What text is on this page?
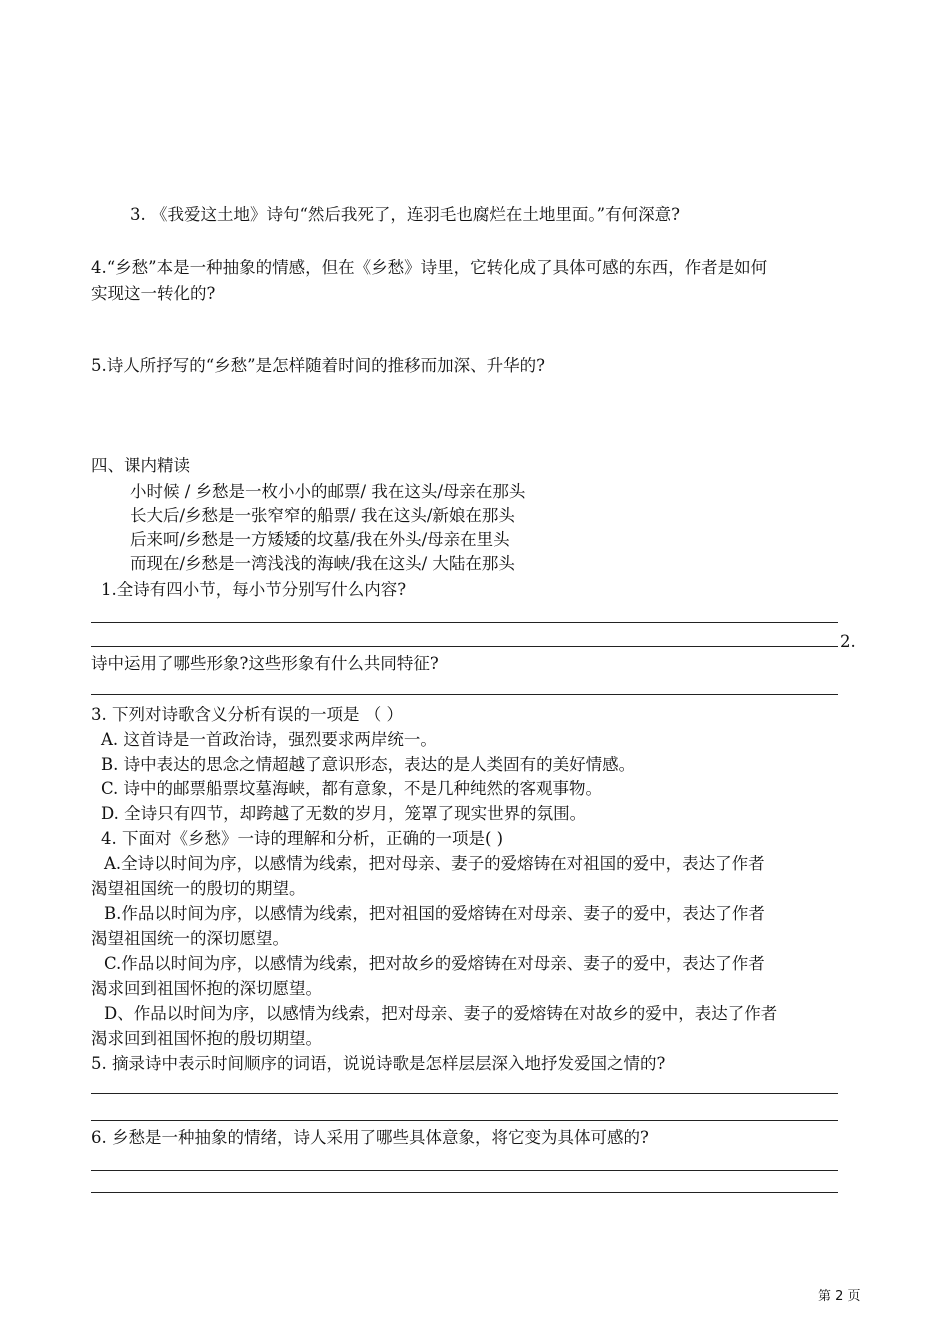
3. 《我爱这土地》诗句“然后我死了，连羽毛也腐烂在土地里面。”有何深意?
4.“乡愁”本是一种抽象的情感，但在《乡愁》诗里，它转化成了具体可感的东西，作者是如何
实现这一转化的?
5.诗人所抒写的“乡愁”是怎样随着时间的推移而加深、升华的?
四、课内精读
小时候 / 乡愁是一枚小小的邮票/ 我在这头/母亲在那头
长大后/乡愁是一张窄窄的船票/ 我在这头/新娘在那头
后来呵/乡愁是一方矮矮的坟墓/我在外头/母亲在里头
而现在/乡愁是一湾浅浅的海峡/我在这头/ 大陆在那头
1.全诗有四小节，每小节分别写什么内容?
2.
诗中运用了哪些形象?这些形象有什么共同特征?
3. 下列对诗歌含义分析有误的一项是 （ ）
A. 这首诗是一首政治诗，强烈要求两岸统一。
B. 诗中表达的思念之情超越了意识形态，表达的是人类固有的美好情感。
C. 诗中的邮票船票坟墓海峡，都有意象，不是几种纯然的客观事物。
D. 全诗只有四节，却跨越了无数的岁月，笼罩了现实世界的氛围。
4. 下面对《乡愁》一诗的理解和分析，正确的一项是( )
A.全诗以时间为序，以感情为线索，把对母亲、妻子的爱熔铸在对祖国的爱中，表达了作者
渴望祖国统一的殷切的期望。
B.作品以时间为序，以感情为线索，把对祖国的爱熔铸在对母亲、妻子的爱中，表达了作者
渴望祖国统一的深切愿望。
C.作品以时间为序，以感情为线索，把对故乡的爱熔铸在对母亲、妻子的爱中，表达了作者
渴求回到祖国怀抱的深切愿望。
D、作品以时间为序，以感情为线索，把对母亲、妻子的爱熔铸在对故乡的爱中，表达了作者
渴求回到祖国怀抱的殷切期望。
5. 摘录诗中表示时间顺序的词语，说说诗歌是怎样层层深入地抒发爱国之情的?
6. 乡愁是一种抽象的情绪，诗人采用了哪些具体意象，将它变为具体可感的?
第 2 页
